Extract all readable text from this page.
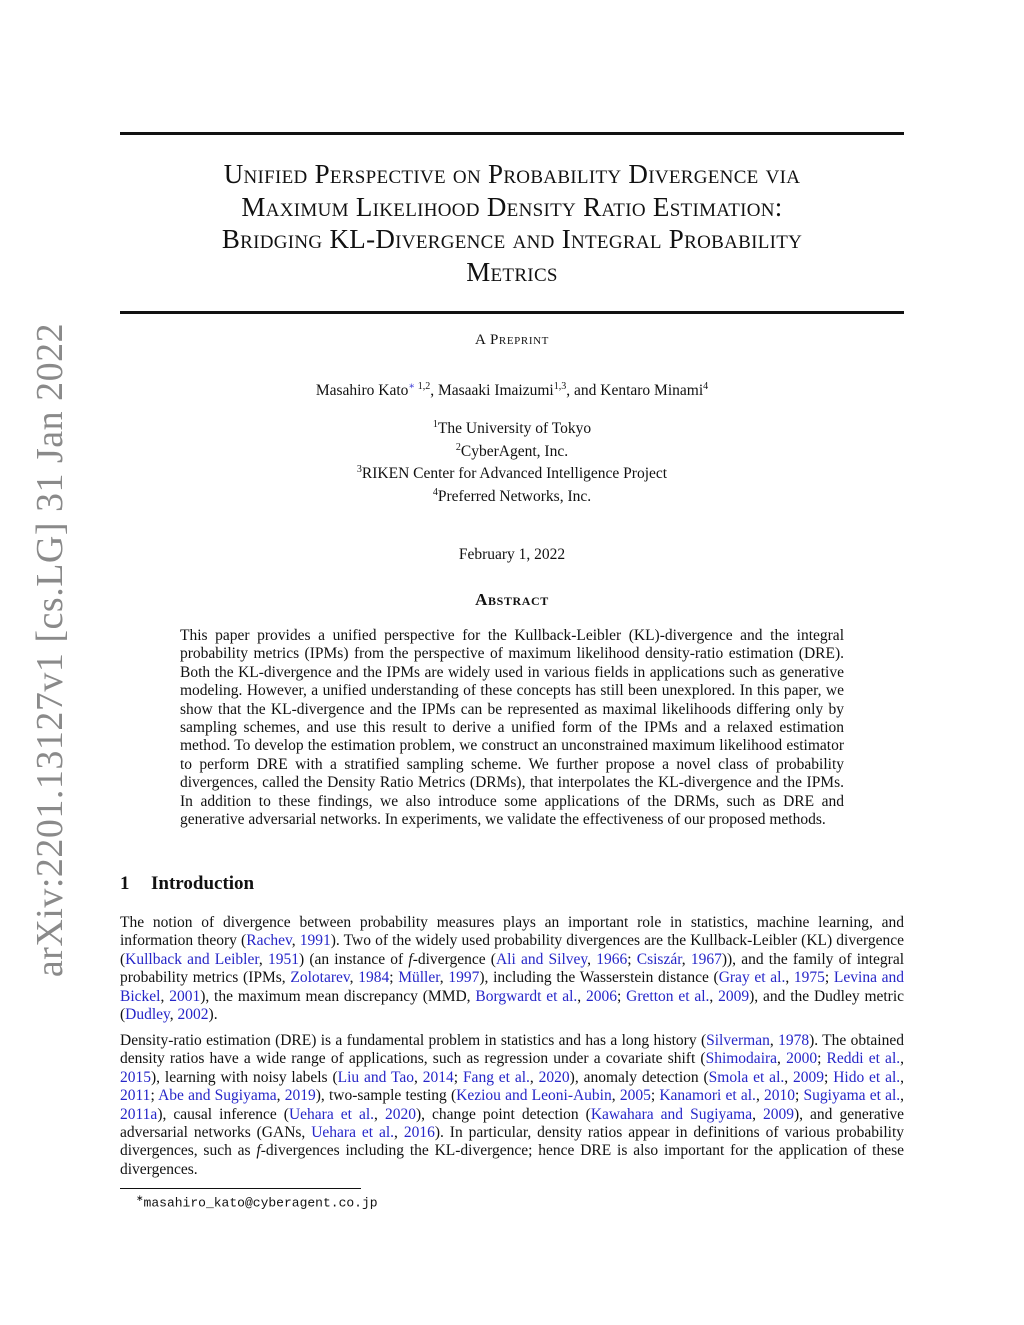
arXiv:2201.13127v1 [cs.LG] 31 Jan 2022
Unified Perspective on Probability Divergence via
Maximum Likelihood Density Ratio Estimation:
Bridging KL-Divergence and Integral Probability
Metrics
A Preprint
Masahiro Kato$^{∗ 1,2}$, Masaaki Imaizumi$^{1,3}$, and Kentaro Minami$^4$
$^1$The University of Tokyo
$^2$CyberAgent, Inc.
$^3$RIKEN Center for Advanced Intelligence Project
$^4$Preferred Networks, Inc.
February 1, 2022
Abstract
This paper provides a unified perspective for the Kullback-Leibler (KL)-divergence and the integral probability metrics (IPMs) from the perspective of maximum likelihood density-ratio estimation (DRE). Both the KL-divergence and the IPMs are widely used in various fields in applications such as generative modeling. However, a unified understanding of these concepts has still been unexplored. In this paper, we show that the KL-divergence and the IPMs can be represented as maximal likelihoods differing only by sampling schemes, and use this result to derive a unified form of the IPMs and a relaxed estimation method. To develop the estimation problem, we construct an unconstrained maximum likelihood estimator to perform DRE with a stratified sampling scheme. We further propose a novel class of probability divergences, called the Density Ratio Metrics (DRMs), that interpolates the KL-divergence and the IPMs. In addition to these findings, we also introduce some applications of the DRMs, such as DRE and generative adversarial networks. In experiments, we validate the effectiveness of our proposed methods.
1 Introduction
The notion of divergence between probability measures plays an important role in statistics, machine learning, and information theory (Rachev, 1991). Two of the widely used probability divergences are the Kullback-Leibler (KL) divergence (Kullback and Leibler, 1951) (an instance of f-divergence (Ali and Silvey, 1966; Csiszár, 1967)), and the family of integral probability metrics (IPMs, Zolotarev, 1984; Müller, 1997), including the Wasserstein distance (Gray et al., 1975; Levina and Bickel, 2001), the maximum mean discrepancy (MMD, Borgwardt et al., 2006; Gretton et al., 2009), and the Dudley metric (Dudley, 2002).
Density-ratio estimation (DRE) is a fundamental problem in statistics and has a long history (Silverman, 1978). The obtained density ratios have a wide range of applications, such as regression under a covariate shift (Shimodaira, 2000; Reddi et al., 2015), learning with noisy labels (Liu and Tao, 2014; Fang et al., 2020), anomaly detection (Smola et al., 2009; Hido et al., 2011; Abe and Sugiyama, 2019), two-sample testing (Keziou and Leoni-Aubin, 2005; Kanamori et al., 2010; Sugiyama et al., 2011a), causal inference (Uehara et al., 2020), change point detection (Kawahara and Sugiyama, 2009), and generative adversarial networks (GANs, Uehara et al., 2016). In particular, density ratios appear in definitions of various probability divergences, such as f-divergences including the KL-divergence; hence DRE is also important for the application of these divergences.
∗masahiro_kato@cyberagent.co.jp
